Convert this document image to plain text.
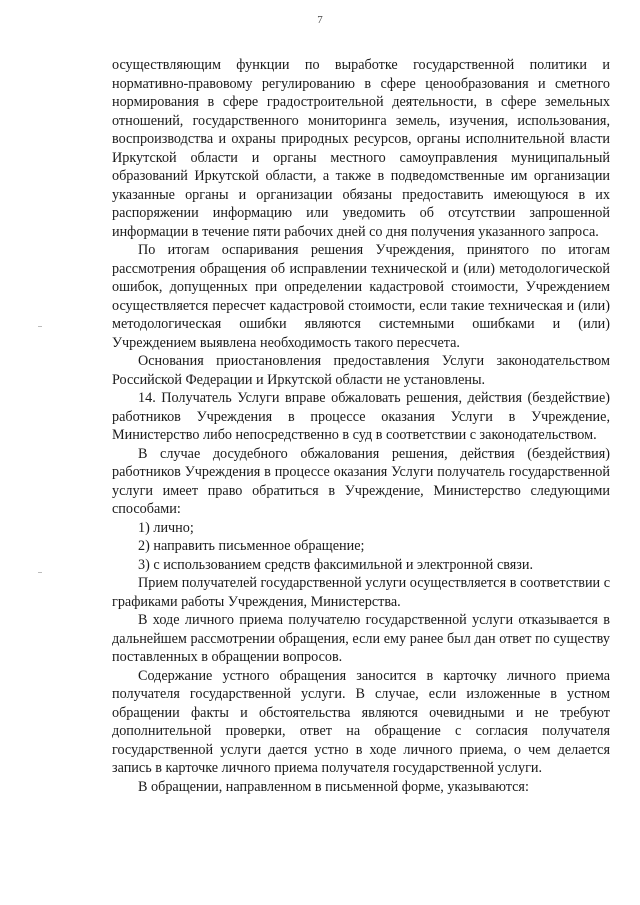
7

осуществляющим функции по выработке государственной политики и нормативно-правовому регулированию в сфере ценообразования и сметного нормирования в сфере градостроительной деятельности, в сфере земельных отношений, государственного мониторинга земель, изучения, использования, воспроизводства и охраны природных ресурсов, органы исполнительной власти Иркутской области и органы местного самоуправления муниципальный образований Иркутской области, а также в подведомственные им организации указанные органы и организации обязаны предоставить имеющуюся в их распоряжении информацию или уведомить об отсутствии запрошенной информации в течение пяти рабочих дней со дня получения указанного запроса.

По итогам оспаривания решения Учреждения, принятого по итогам рассмотрения обращения об исправлении технической и (или) методологической ошибок, допущенных при определении кадастровой стоимости, Учреждением осуществляется пересчет кадастровой стоимости, если такие техническая и (или) методологическая ошибки являются системными ошибками и (или) Учреждением выявлена необходимость такого пересчета.

Основания приостановления предоставления Услуги законодательством Российской Федерации и Иркутской области не установлены.

14. Получатель Услуги вправе обжаловать решения, действия (бездействие) работников Учреждения в процессе оказания Услуги в Учреждение, Министерство либо непосредственно в суд в соответствии с законодательством.

В случае досудебного обжалования решения, действия (бездействия) работников Учреждения в процессе оказания Услуги получатель государственной услуги имеет право обратиться в Учреждение, Министерство следующими способами:

1) лично;

2) направить письменное обращение;

3) с использованием средств факсимильной и электронной связи.

Прием получателей государственной услуги осуществляется в соответствии с графиками работы Учреждения, Министерства.

В ходе личного приема получателю государственной услуги отказывается в дальнейшем рассмотрении обращения, если ему ранее был дан ответ по существу поставленных в обращении вопросов.

Содержание устного обращения заносится в карточку личного приема получателя государственной услуги. В случае, если изложенные в устном обращении факты и обстоятельства являются очевидными и не требуют дополнительной проверки, ответ на обращение с согласия получателя государственной услуги дается устно в ходе личного приема, о чем делается запись в карточке личного приема получателя государственной услуги.

В обращении, направленном в письменной форме, указываются:
